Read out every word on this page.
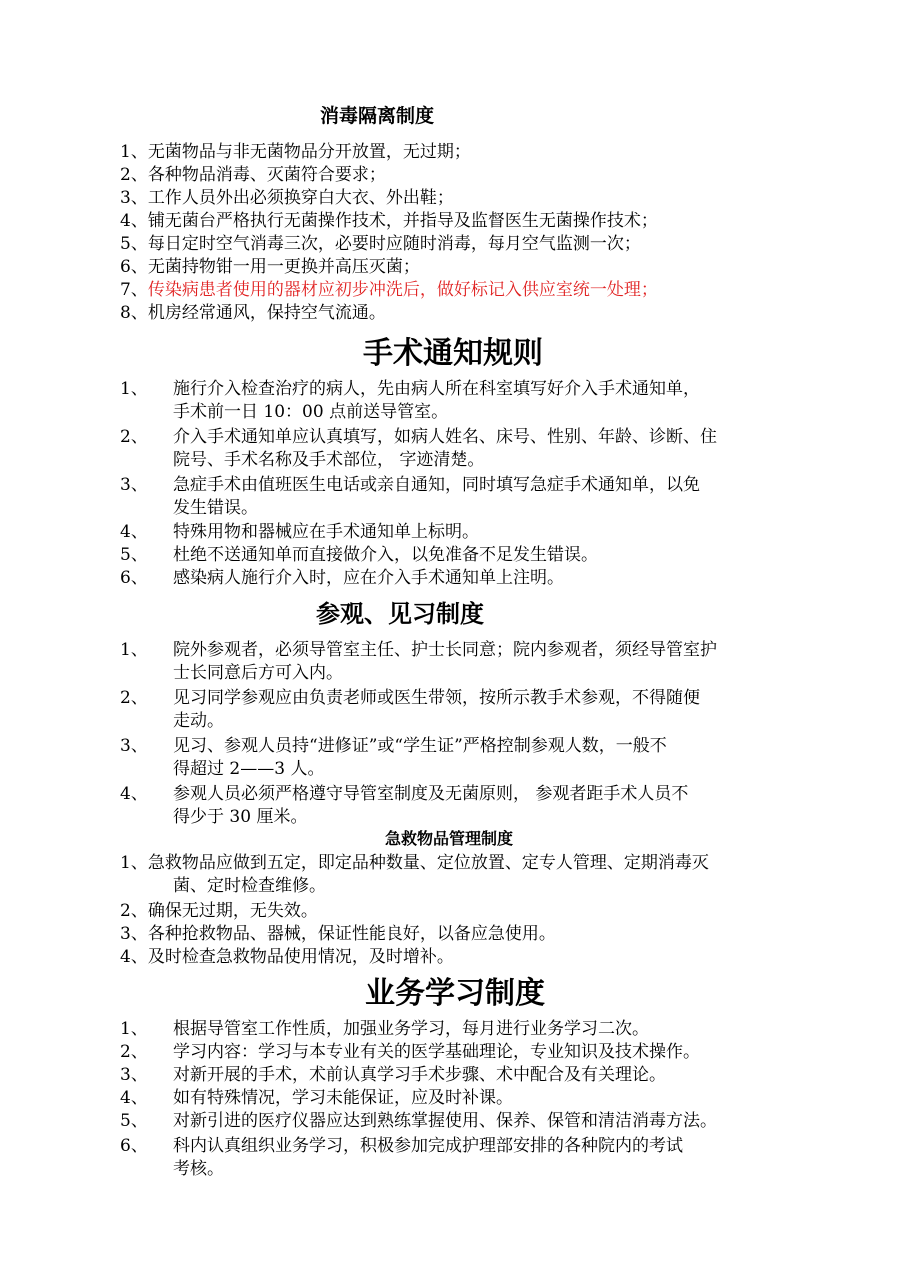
消毒隔离制度
1、无菌物品与非无菌物品分开放置，无过期；
2、各种物品消毒、灭菌符合要求；
3、工作人员外出必须换穿白大衣、外出鞋；
4、铺无菌台严格执行无菌操作技术，并指导及监督医生无菌操作技术；
5、每日定时空气消毒三次，必要时应随时消毒，每月空气监测一次；
6、无菌持物钳一用一更换并高压灭菌；
7、传染病患者使用的器材应初步冲洗后，做好标记入供应室统一处理；
8、机房经常通风，保持空气流通。
手术通知规则
1、 施行介入检查治疗的病人，先由病人所在科室填写好介入手术通知单，
手术前一日 10：00 点前送导管室。
2、 介入手术通知单应认真填写，如病人姓名、床号、性别、年龄、诊断、住
院号、手术名称及手术部位， 字迹清楚。
3、 急症手术由值班医生电话或亲自通知，同时填写急症手术通知单，以免
发生错误。
4、 特殊用物和器械应在手术通知单上标明。
5、 杜绝不送通知单而直接做介入，以免准备不足发生错误。
6、 感染病人施行介入时，应在介入手术通知单上注明。
参观、见习制度
1、 院外参观者，必须导管室主任、护士长同意；院内参观者，须经导管室护
士长同意后方可入内。
2、 见习同学参观应由负责老师或医生带领，按所示教手术参观，不得随便
走动。
3、 见习、参观人员持“进修证”或“学生证”严格控制参观人数，一般不
得超过 2——3 人。
4、 参观人员必须严格遵守导管室制度及无菌原则， 参观者距手术人员不
得少于 30 厘米。
急救物品管理制度
1、急救物品应做到五定，即定品种数量、定位放置、定专人管理、定期消毒灭
菌、定时检查维修。
2、确保无过期，无失效。
3、各种抢救物品、器械，保证性能良好，以备应急使用。
4、及时检查急救物品使用情况，及时增补。
业务学习制度
1、 根据导管室工作性质，加强业务学习，每月进行业务学习二次。
2、 学习内容：学习与本专业有关的医学基础理论，专业知识及技术操作。
3、 对新开展的手术，术前认真学习手术步骤、术中配合及有关理论。
4、 如有特殊情况，学习未能保证，应及时补课。
5、 对新引进的医疗仪器应达到熟练掌握使用、保养、保管和清洁消毒方法。
6、 科内认真组织业务学习，积极参加完成护理部安排的各种院内的考试
考核。
